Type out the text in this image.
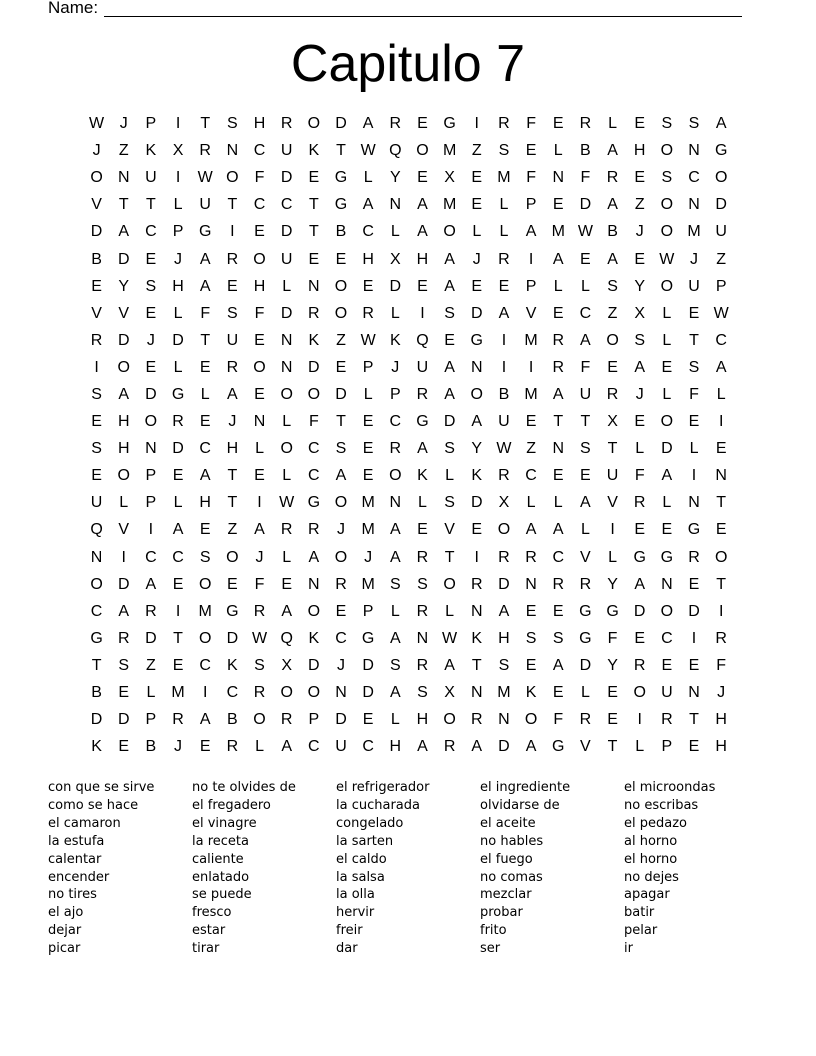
Name:
Capitulo 7
W J	P	I	T	S	H R O D	A	R	E G	I	R	F	E	R	L	E	S	S	A
J	Z	K	X	R N C U	K	T W Q O M Z	S	E	L	B	A	H O N G
O N U	I	W O	F	D	E G	L	Y	E	X	E M F	N	F	R	E	S	C O
V	T	T	L	U	T	C C	T	G A	N	A M E	L	P	E	D	A	Z	O N D
D	A	C	P G	I	E	D	T	B	C	L	A O	L	L	A M W B	J	O M U
B	D	E	J	A	R O U	E	E	H	X	H	A	J	R	I	A	E	A	E W J	Z
E	Y	S	H	A	E	H	L	N O E	D	E	A	E	E	P	L	L	S	Y O U	P
V	V	E	L	F	S	F	D R O R	L	I	S	D	A	V	E	C	Z	X	L	E W
R D	J	D	T	U	E	N	K	Z W K Q E G	I	M R	A O S	L	T	C
I	O E	L	E	R O N D	E	P	J	U	A	N	I	I	R	F	E	A	E	S	A
S	A	D G	L	A	E O O D	L	P	R	A O B M A	U R	J	L	F	L
E	H O R	E	J	N	L	F	T	E	C G D	A	U	E	T	T	X	E O E	I
S	H N D C H	L	O C	S	E	R	A	S	Y W Z	N	S	T	L	D	L	E
E O P	E	A	T	E	L	C	A	E O K	L	K	R C	E	E	U	F	A	I	N
U	L	P	L	H	T	I	W G O M N	L	S	D	X	L	L	A	V	R	L	N	T
Q V	I	A	E	Z	A	R R	J	M A	E	V	E O A	A	L	I	E	E G E
N	I	C C	S O	J	L	A O	J	A	R	T	I	R R C	V	L	G G R O
O D	A	E O E	F	E	N R M S	S O R D N R R	Y	A	N	E	T
C	A	R	I	M G R	A O E	P	L	R	L	N	A	E	E G G D O D	I
G R D	T	O D W Q K	C G A	N W K	H	S	S G	F	E	C	I	R
T	S	Z	E	C	K	S	X	D	J	D	S	R	A	T	S	E	A	D	Y	R	E	E	F
B	E	L	M	I	C R O O N D	A	S	X	N M K	E	L	E O U N	J
D D	P	R	A	B O R	P	D	E	L	H O R N O	F	R	E	I	R	T	H
K	E	B	J	E	R	L	A	C U C H	A	R	A	D	A G V	T	L	P	E	H
con que se sirve
como se hace
el camaron
la estufa
calentar
encender
no tires
el ajo
dejar
picar
no te olvides de
el fregadero
el vinagre
la receta
caliente
enlatado
se puede
fresco
estar
tirar
el refrigerador
la cucharada
congelado
la sarten
el caldo
la salsa
la olla
hervir
freir
dar
el ingrediente
olvidarse de
el aceite
no hables
el fuego
no comas
mezclar
probar
frito
ser
el microondas
no escribas
el pedazo
al horno
el horno
no dejes
apagar
batir
pelar
ir
